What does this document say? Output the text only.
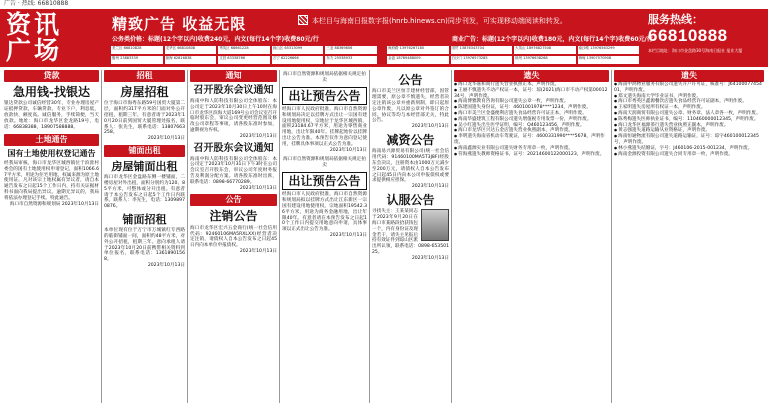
广告 · 热线: 66810888
资 讯
广 场
精致广告 收益无限	本栏目与海南日报数字报(hnrb.hinews.cn)同步刊发，可实现移动端阅读和转发。
公务类价格：标题(12个字以内)收费240元，内文(每行14个字)收费80元/行	商业广告：标题(12个字以内)收费180元，内文(每行14个字)收费60元/行
美兰区 66810828	龙华区 66810808	秀英区 68661228	琼山区 65313099	三亚 88369806
儋州 23883339	琼海 62816838	文昌 63338766	万宁 62226666	东方 25538933
海府路 13976267180	国贸 13876343704	大英山 18976827508	南沙路 13976563299
金盘 18789488009	白沙门 13976573285	琼州 13976638268	海甸 13907570908
服务热线：
66810888
本栏目地址：海口市金盘路30号海南日报社 报业大厦
贷款
急用钱-找银达

银达贷款公司诚信经营30年，专业办理房屋产证抵押贷款，车辆贷款，专业下户，利息低，放款快，额度高。诚信服务，手续简便，当天放款。地址：海口市龙华区金龙路19号，电话：66838388，18907588888。

土地通告
国有土地使用权登记通告

经我局审核，海口市龙华区城西镇位于滨涯村委会的国有土地使用权申请登记，面积1066.67平方米，用途为住宅用地，权属来源为原土地使用证。凡对该宗土地权属有异议者，请自本通告发布之日起15个工作日内，持有关证据材料书面向我局提出异议。逾期无异议的，我局将依法办理登记手续。特此通告。

海口市自然资源和规划局 2023年10月13日

招租
房屋招租

位于海口市海秀东路59号国贸大厦第二层，面积约317平方米的门面对外公开招租，租期三年，有意者请于2023年10月20日前到国贸大厦管理处报名，联系人：张先生，联系电话：13807663258。

2023年10月13日

铺面出租
房屋铺面出租

海口市龙华区金盘路东侧一楼铺面、二楼房屋对外出租，面积分别约为120、85平方米，可整体或分开出租。有意者请于本公告发布之日起5个工作日内联系。联系人：李先生，电话：13098970876。

铺面招租

本单位现有位于万宁市万城镇红专西路的临街铺面一间，面积约48平方米，对外公开招租，租期三年。意向承租人请于2023年10月20日前携带相关资料到单位报名，联系电话：13618901568。

2023年10月13日

通知
召开股东会议通知

海南中和人防科技有限公司全体股东：本公司定于2023年10月30日上午10时在海口市龙华区滨海大道169号公司会议室召开临时股东会，审议公司变更经营范围及修改公司章程等事项，请各股东准时参加，逾期视为弃权。

2023年10月13日

召开股东会议通知

海南中和人防科技有限公司全体股东：本公司定于2023年10月31日下午3时在公司会议室召开股东会，审议公司年度财务报告及利润分配方案。请各股东准时出席，联系电话：0898-66770289。

2023年10月13日

公告
注销公告

海口市龙华区宏兴五金商行(统一社会信用代码：92460106MA5RXLXX)经营者决定注销，请债权人自本公告发布之日起45日内向本单位申报债权。

2023年10月13日

海口市自然资源和规划局依据相关规定拍卖

出让预告公告

经海口市人民政府批准，海口市自然资源和规划局决定以挂牌方式出让一宗国有建设用地使用权，宗地位于龙华区城西镇，面积23184.67平方米，用途为零售商业用地，出让年限40年。挂牌起始价以挂牌出让公告为准。本预告仅作为意向登记使用，挂牌具体事项以正式公告为准。

2023年10月13日

海口市自然资源和规划局依据相关规定拍卖

出让预告公告

经海口市人民政府批准，海口市自然资源和规划局拟以挂牌方式出让江东新区一宗国有建设用地使用权，宗地面积19542.36平方米，用途为商务金融用地，出让年限40年。有意者请在本预告发布之日起10个工作日内提交用地意向申请，具体事项以正式出让公告为准。

2023年10月13日

公告

海口市美兰区恒丰建材经营部，因管理需要，原公章不慎遗失，经营者决定注销该公章并重新刻制，即日起原公章作废，凡以原公章对外签订的合同、协议等均与本经营部无关，特此公告。

2023年10月13日

减资公告

海南易兴源贸易有限公司(统一社会信用代码：91460100MA5T3J8F)经股东会决议，注册资本由1000万元减少至200万元，请债权人自本公告发布之日起45日内向本公司申报债权或要求提供相应担保。

2023年10月13日

认服公告

寻找失主：王某某同志于2023年9月20日在海口市某路段拾获钱包一个，内有身份证及现金若干，请失主见报后持有效证件到琼山区派出所认领，联系电话：0898-65350125。

2023年10月13日

遗失

● 海口龙华嘉和商行遗失营业执照正本，声明作废。

● 王丽不慎遗失不动产权证一本，证号：琼(2021)海口市不动产权第0001234号，声明作废。

● 海南博雅教育咨询有限公司遗失公章一枚，声明作废。

● 陈建国遗失身份证，证号：4601001978****1234，声明作废。

● 海口市美兰区金盛便利店遗失食品经营许可证正本，声明作废。

● 海南华盛建筑工程有限公司遗失增值税专用发票一份，声明作废。

● 吴小红遗失出生医学证明，编号：Q460123456，声明作废。

● 海口市龙华区兴达五金店遗失营业执照副本，声明作废。

● 李明遗失海南省机动车驾驶证，证号：4600331990****5678，声明作废。

● 海南鑫源实业有限公司遗失财务专用章一枚，声明作废。

● 符海燕遗失教师资格证书，证号：20214600122000123，声明作废。

遗失

● 海南中鸿物业服务有限公司遗失开户许可证，核准号：J6410007745401，声明作废。

● 郑文遗失海南大学毕业证书，声明作废。

● 海口市秀英区鑫源餐饮店遗失食品经营许可证副本，声明作废。

● 王家明遗失房屋所有权证一本，声明作废。

● 海南天润商贸有限公司遗失公章、财务章、法人章各一枚，声明作废。

● 陈秀梅遗失医师执业证书，编号：110460000012345，声明作废。

● 海口龙华区福源茶行遗失营业执照正副本，声明作废。

● 黄志强遗失道路运输从业资格证，声明作废。

● 海南恒通物流有限公司遗失道路运输证，证号：琼字460100012345号，声明作废。

● 林小燕遗失结婚证，字号：J460106-2015-001234，声明作废。

● 海南金源投资有限公司遗失合同专用章一枚，声明作废。
